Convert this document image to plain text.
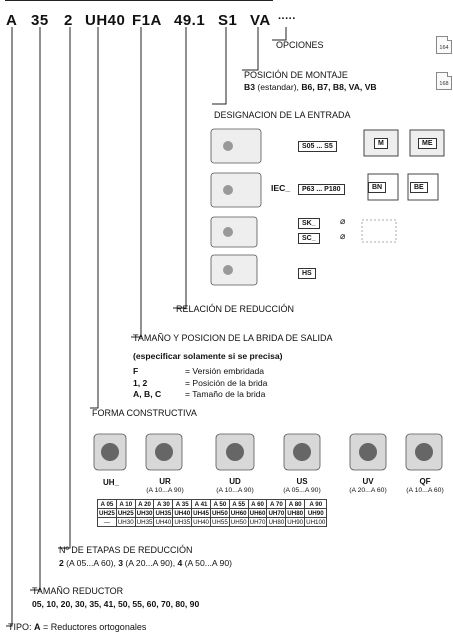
A 35 2 UH40 F1A 49.1 S1 VA .....
OPCIONES	164
POSICIÓN DE MONTAJE
B3 (estandar), B6, B7, B8, VA, VB	168
DESIGNACION DE LA ENTRADA
S05 ... S5	M	ME
IEC_	P63 ... P180	BN	BE
SK_
SC_
⌀
⌀
HS
RELACIÓN DE REDUCCIÓN
TAMAÑO Y POSICION DE LA BRIDA DE SALIDA
(especificar solamente si se precisa)
F	= Versión embridada
1, 2	= Posición de la brida
A, B, C	= Tamaño de la brida
FORMA CONSTRUCTIVA
UH_	UR
(A 10...A 90)
UD
(A 10...A 90)
US
(A 05...A 90)
UV
(A 20...A 60)
QF
(A 10...A 60)
A 05	A 10	A 20	A 30	A 35	A 41	A 50	A 55	A 60	A 70	A 80	A 90
UH25	UH25	UH30	UH35	UH40	UH45	UH50	UH60	UH60	UH70	UH80	UH90
—	UH30	UH35	UH40	UH35	UH40	UH55	UH50	UH70	UH80	UH90	UH100
Nº DE ETAPAS DE REDUCCIÓN
2 (A 05...A 60), 3 (A 20...A 90), 4 (A 50...A 90)
TAMAÑO REDUCTOR
05, 10, 20, 30, 35, 41, 50, 55, 60, 70, 80, 90
TIPO: A = Reductores ortogonales
